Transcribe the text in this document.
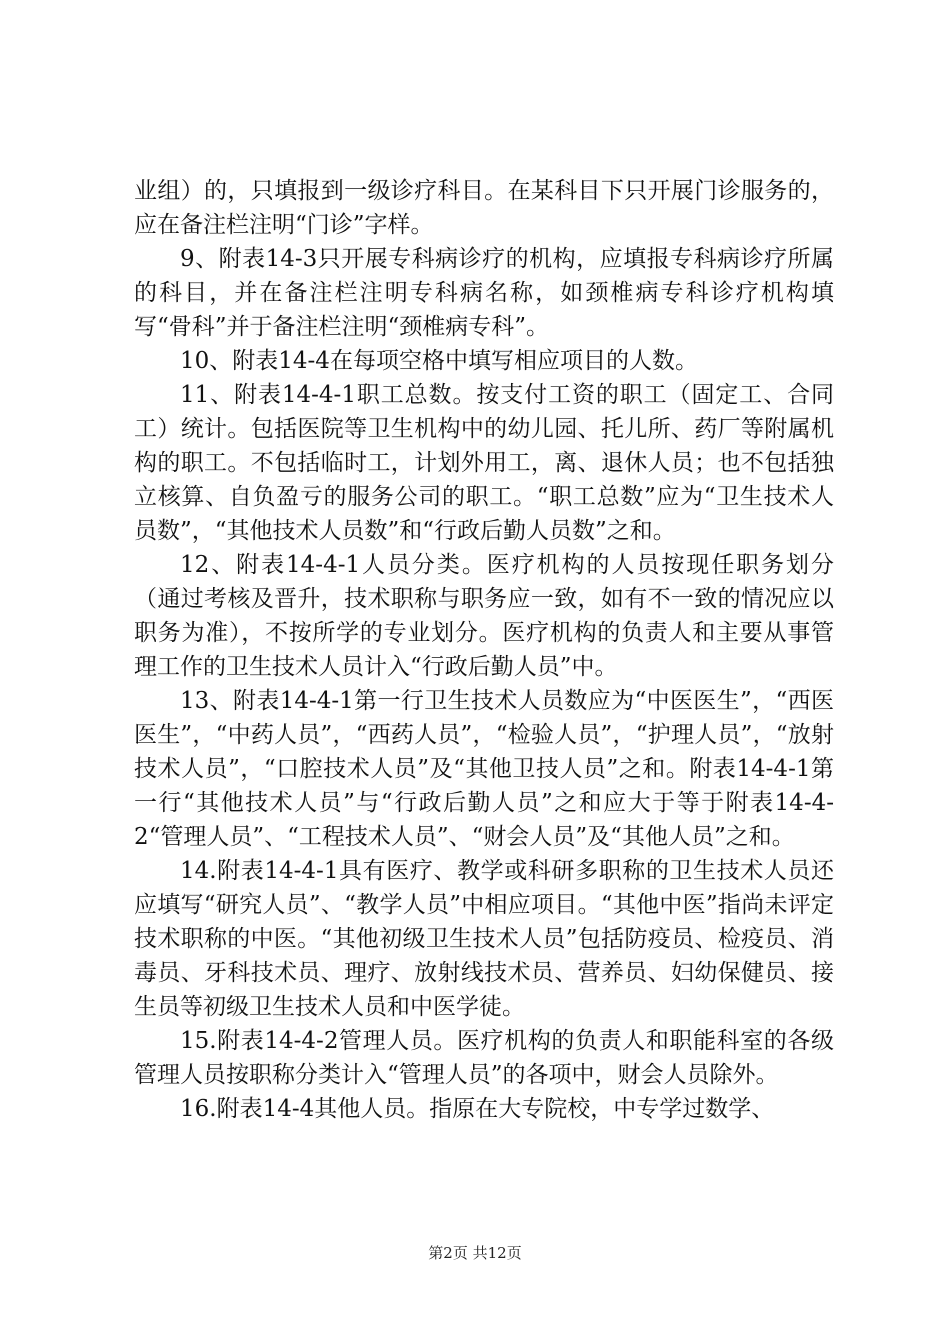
业组）的，只填报到一级诊疗科目。在某科目下只开展门诊服务的，应在备注栏注明“门诊”字样。

9、附表14-3只开展专科病诊疗的机构，应填报专科病诊疗所属的科目，并在备注栏注明专科病名称，如颈椎病专科诊疗机构填写“骨科”并于备注栏注明“颈椎病专科”。

10、附表14-4在每项空格中填写相应项目的人数。

11、附表14-4-1职工总数。按支付工资的职工（固定工、合同工）统计。包括医院等卫生机构中的幼儿园、托儿所、药厂等附属机构的职工。不包括临时工，计划外用工，离、退休人员；也不包括独立核算、自负盈亏的服务公司的职工。“职工总数”应为“卫生技术人员数”，“其他技术人员数”和“行政后勤人员数”之和。

12、附表14-4-1人员分类。医疗机构的人员按现任职务划分（通过考核及晋升，技术职称与职务应一致，如有不一致的情况应以职务为准），不按所学的专业划分。医疗机构的负责人和主要从事管理工作的卫生技术人员计入“行政后勤人员”中。

13、附表14-4-1第一行卫生技术人员数应为“中医医生”，“西医医生”，“中药人员”，“西药人员”，“检验人员”，“护理人员”，“放射技术人员”，“口腔技术人员”及“其他卫技人员”之和。附表14-4-1第一行“其他技术人员”与“行政后勤人员”之和应大于等于附表14-4-2“管理人员”、“工程技术人员”、“财会人员”及“其他人员”之和。

14.附表14-4-1具有医疗、教学或科研多职称的卫生技术人员还应填写“研究人员”、“教学人员”中相应项目。“其他中医”指尚未评定技术职称的中医。“其他初级卫生技术人员”包括防疫员、检疫员、消毒员、牙科技术员、理疗、放射线技术员、营养员、妇幼保健员、接生员等初级卫生技术人员和中医学徒。

15.附表14-4-2管理人员。医疗机构的负责人和职能科室的各级管理人员按职称分类计入“管理人员”的各项中，财会人员除外。

16.附表14-4其他人员。指原在大专院校，中专学过数学、

第2页 共12页
